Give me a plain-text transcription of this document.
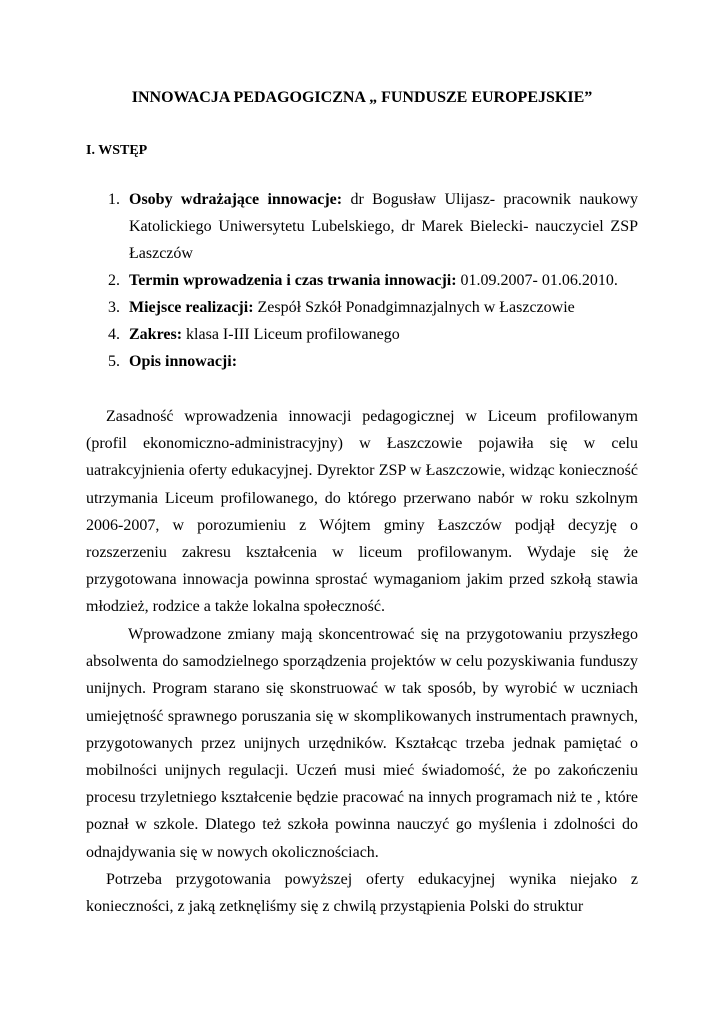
INNOWACJA PEDAGOGICZNA „ FUNDUSZE EUROPEJSKIE”
I. WSTĘP
1. Osoby wdrażające innowacje: dr Bogusław Ulijasz- pracownik naukowy Katolickiego Uniwersytetu Lubelskiego, dr Marek Bielecki- nauczyciel ZSP Łaszczów
2. Termin wprowadzenia i czas trwania innowacji: 01.09.2007- 01.06.2010.
3. Miejsce realizacji: Zespół Szkół Ponadgimnazjalnych w Łaszczowie
4. Zakres: klasa I-III Liceum profilowanego
5. Opis innowacji:

Zasadność wprowadzenia innowacji pedagogicznej w Liceum profilowanym (profil ekonomiczno-administracyjny) w Łaszczowie pojawiła się w celu uatrakcyjnienia oferty edukacyjnej. Dyrektor ZSP w Łaszczowie, widząc konieczność utrzymania Liceum profilowanego, do którego przerwano nabór w roku szkolnym 2006-2007, w porozumieniu z Wójtem gminy Łaszczów podjął decyzję o rozszerzeniu zakresu kształcenia w liceum profilowanym. Wydaje się że przygotowana innowacja powinna sprostać wymaganiom jakim przed szkołą stawia młodzież, rodzice a także lokalna społeczność.

Wprowadzone zmiany mają skoncentrować się na przygotowaniu przyszłego absolwenta do samodzielnego sporządzenia projektów w celu pozyskiwania funduszy unijnych. Program starano się skonstruować w tak sposób, by wyrobić w uczniach umiejętność sprawnego poruszania się w skomplikowanych instrumentach prawnych, przygotowanych przez unijnych urzędników. Kształcąc trzeba jednak pamiętać o mobilności unijnych regulacji. Uczeń musi mieć świadomość, że po zakończeniu procesu trzyletniego kształcenie będzie pracować na innych programach niż te , które poznał w szkole. Dlatego też szkoła powinna nauczyć go myślenia i zdolności do odnajdywania się w nowych okolicznościach.

Potrzeba przygotowania powyższej oferty edukacyjnej wynika niejako z konieczności, z jaką zetknęliśmy się z chwilą przystąpienia Polski do struktur
